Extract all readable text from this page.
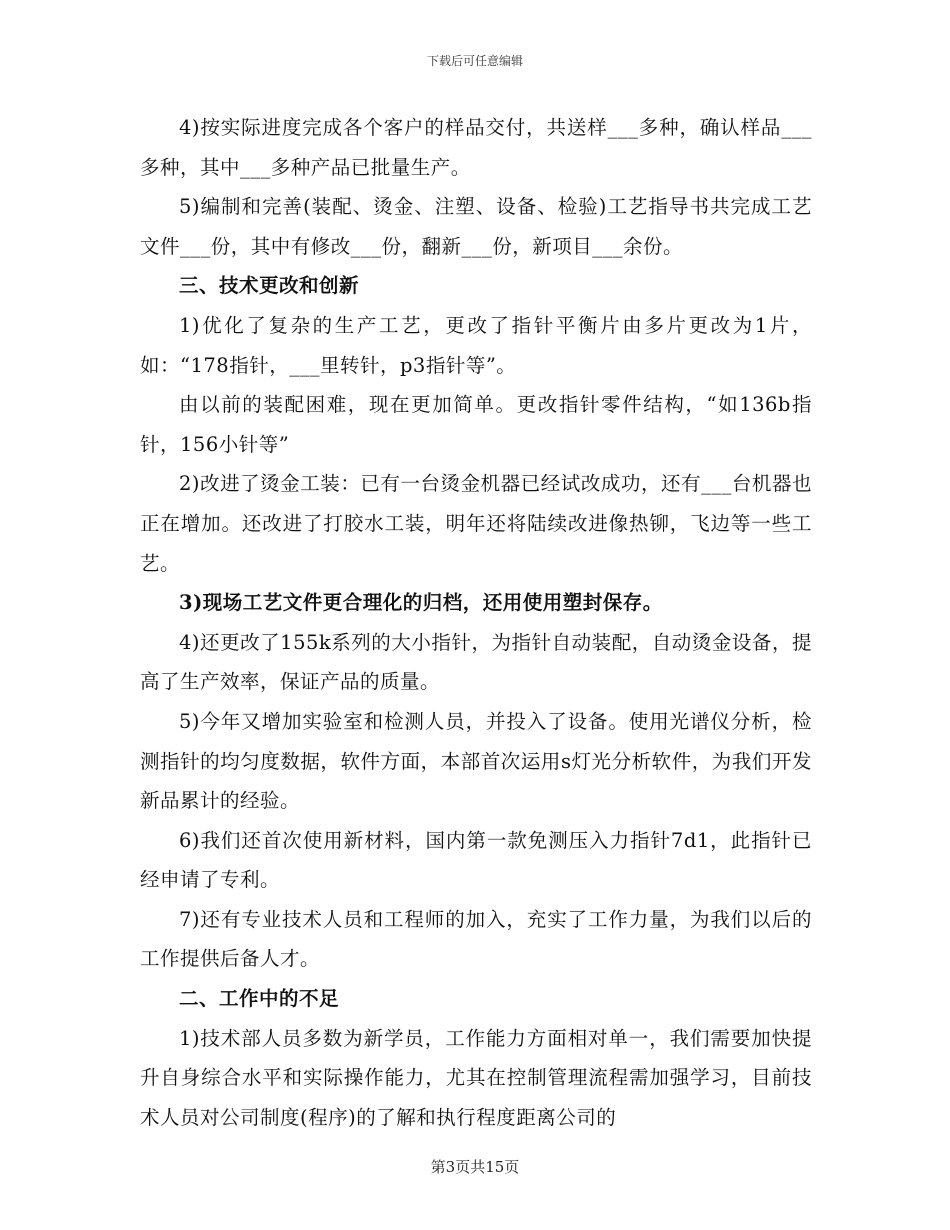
下载后可任意编辑

4)按实际进度完成各个客户的样品交付，共送样___多种，确认样品___多种，其中___多种产品已批量生产。

5)编制和完善(装配、烫金、注塑、设备、检验)工艺指导书共完成工艺文件___份，其中有修改___份，翻新___份，新项目___余份。

三、技术更改和创新

1)优化了复杂的生产工艺，更改了指针平衡片由多片更改为1片，如：“178指针，___里转针，p3指针等”。

由以前的装配困难，现在更加简单。更改指针零件结构，“如136b指针，156小针等”

2)改进了烫金工装：已有一台烫金机器已经试改成功，还有___台机器也正在增加。还改进了打胶水工装，明年还将陆续改进像热铆，飞边等一些工艺。

3)现场工艺文件更合理化的归档，还用使用塑封保存。

4)还更改了155k系列的大小指针，为指针自动装配，自动烫金设备，提高了生产效率，保证产品的质量。

5)今年又增加实验室和检测人员，并投入了设备。使用光谱仪分析，检测指针的均匀度数据，软件方面，本部首次运用s灯光分析软件，为我们开发新品累计的经验。

6)我们还首次使用新材料，国内第一款免测压入力指针7d1，此指针已经申请了专利。

7)还有专业技术人员和工程师的加入，充实了工作力量，为我们以后的工作提供后备人才。

二、工作中的不足

1)技术部人员多数为新学员，工作能力方面相对单一，我们需要加快提升自身综合水平和实际操作能力，尤其在控制管理流程需加强学习，目前技术人员对公司制度(程序)的了解和执行程度距离公司的

第3页共15页
